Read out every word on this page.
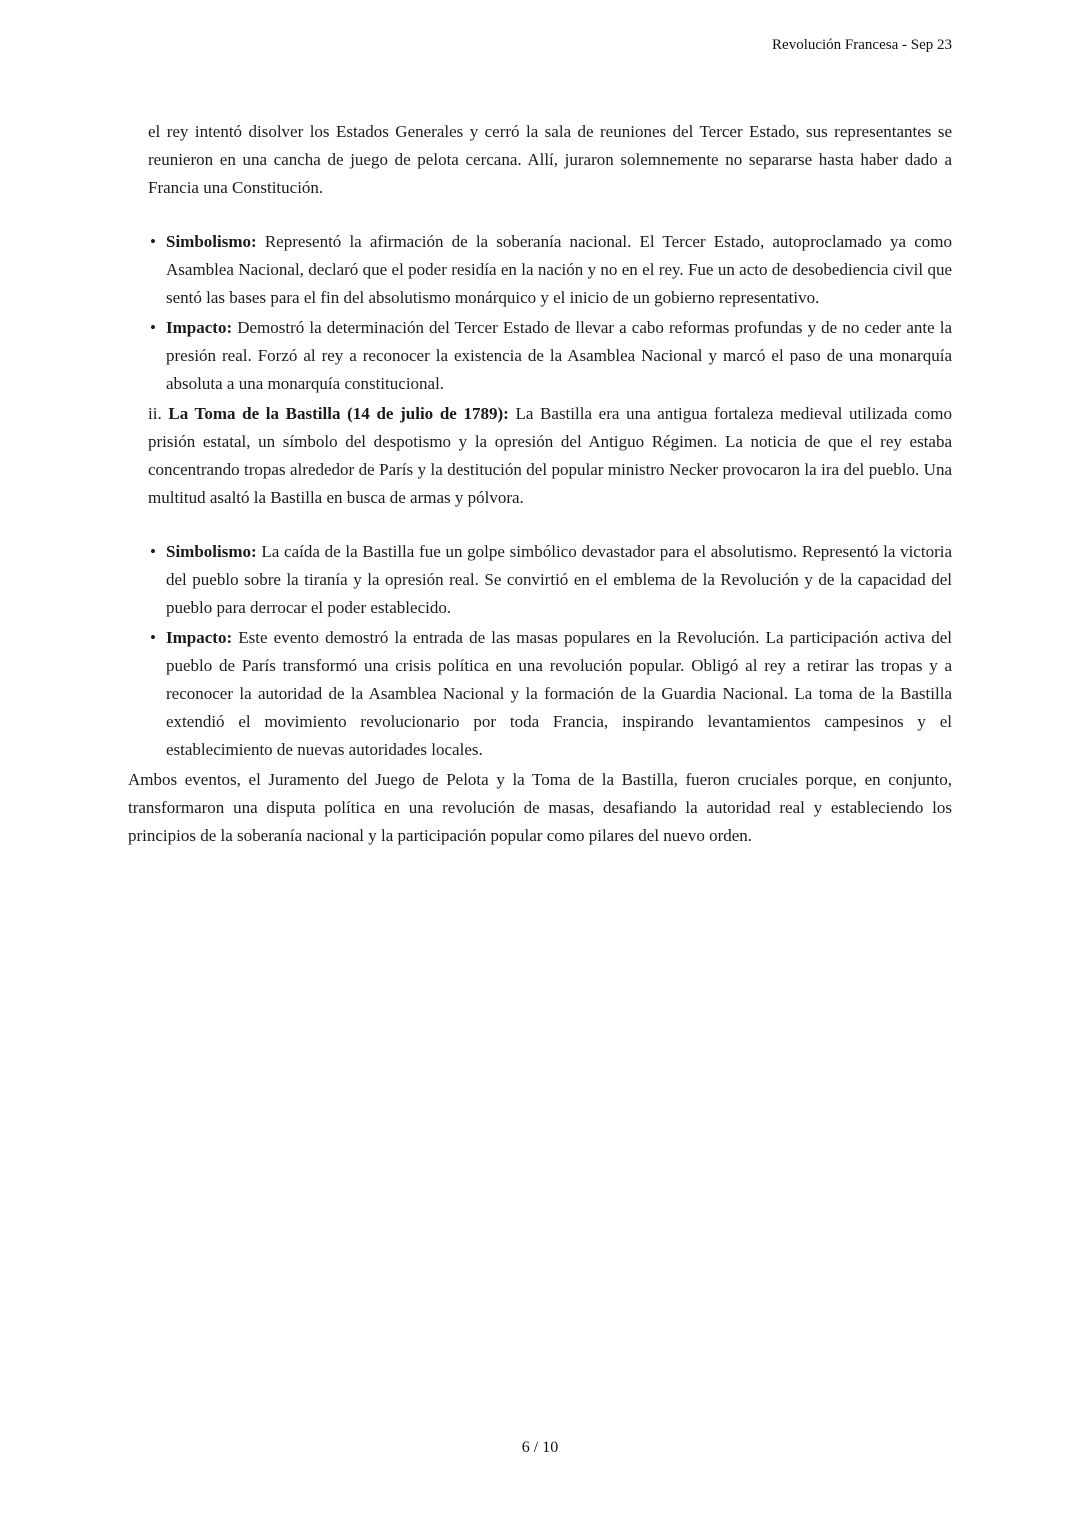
Revolución Francesa - Sep 23

el rey intentó disolver los Estados Generales y cerró la sala de reuniones del Tercer Estado, sus representantes se reunieron en una cancha de juego de pelota cercana. Allí, juraron solemnemente no separarse hasta haber dado a Francia una Constitución.

• Simbolismo: Representó la afirmación de la soberanía nacional. El Tercer Estado, autoproclamado ya como Asamblea Nacional, declaró que el poder residía en la nación y no en el rey. Fue un acto de desobediencia civil que sentó las bases para el fin del absolutismo monárquico y el inicio de un gobierno representativo.
• Impacto: Demostró la determinación del Tercer Estado de llevar a cabo reformas profundas y de no ceder ante la presión real. Forzó al rey a reconocer la existencia de la Asamblea Nacional y marcó el paso de una monarquía absoluta a una monarquía constitucional.

ii. La Toma de la Bastilla (14 de julio de 1789): La Bastilla era una antigua fortaleza medieval utilizada como prisión estatal, un símbolo del despotismo y la opresión del Antiguo Régimen. La noticia de que el rey estaba concentrando tropas alrededor de París y la destitución del popular ministro Necker provocaron la ira del pueblo. Una multitud asaltó la Bastilla en busca de armas y pólvora.

• Simbolismo: La caída de la Bastilla fue un golpe simbólico devastador para el absolutismo. Representó la victoria del pueblo sobre la tiranía y la opresión real. Se convirtió en el emblema de la Revolución y de la capacidad del pueblo para derrocar el poder establecido.
• Impacto: Este evento demostró la entrada de las masas populares en la Revolución. La participación activa del pueblo de París transformó una crisis política en una revolución popular. Obligó al rey a retirar las tropas y a reconocer la autoridad de la Asamblea Nacional y la formación de la Guardia Nacional. La toma de la Bastilla extendió el movimiento revolucionario por toda Francia, inspirando levantamientos campesinos y el establecimiento de nuevas autoridades locales.

Ambos eventos, el Juramento del Juego de Pelota y la Toma de la Bastilla, fueron cruciales porque, en conjunto, transformaron una disputa política en una revolución de masas, desafiando la autoridad real y estableciendo los principios de la soberanía nacional y la participación popular como pilares del nuevo orden.

6 / 10
